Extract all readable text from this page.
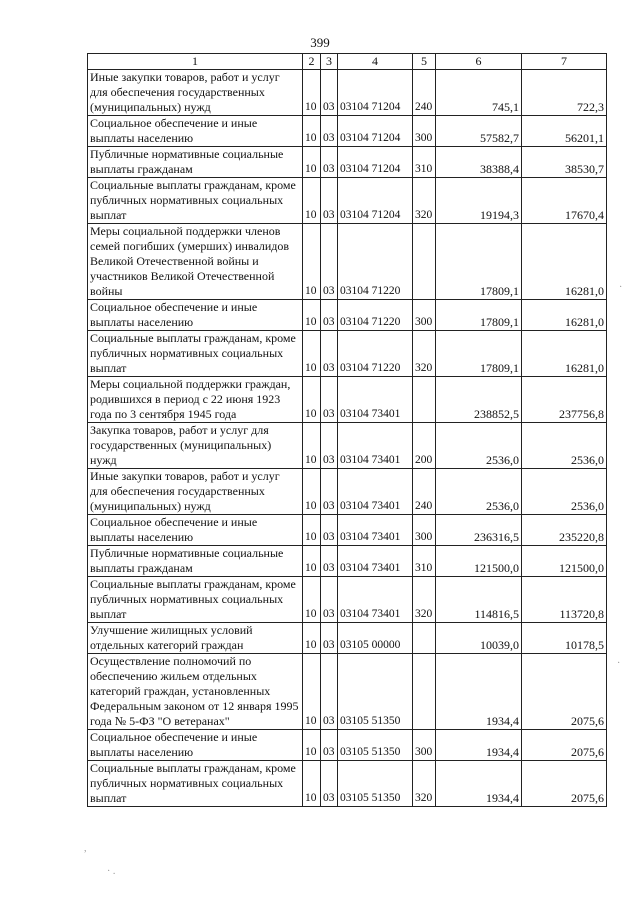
399
1	2	3	4	5	6	7
Иные закупки товаров, работ и услуг для обеспечения государственных (муниципальных) нужд	10	03	03104 71204	240	745,1	722,3
Социальное обеспечение и иные выплаты населению	10	03	03104 71204	300	57582,7	56201,1
Публичные нормативные социальные выплаты гражданам	10	03	03104 71204	310	38388,4	38530,7
Социальные выплаты гражданам, кроме публичных нормативных социальных выплат	10	03	03104 71204	320	19194,3	17670,4
Меры социальной поддержки членов семей погибших (умерших) инвалидов Великой Отечественной войны и участников Великой Отечественной войны	10	03	03104 71220		17809,1	16281,0
Социальное обеспечение и иные выплаты населению	10	03	03104 71220	300	17809,1	16281,0
Социальные выплаты гражданам, кроме публичных нормативных социальных выплат	10	03	03104 71220	320	17809,1	16281,0
Меры социальной поддержки граждан, родившихся в период с 22 июня 1923 года по 3 сентября 1945 года	10	03	03104 73401		238852,5	237756,8
Закупка товаров, работ и услуг для государственных (муниципальных) нужд	10	03	03104 73401	200	2536,0	2536,0
Иные закупки товаров, работ и услуг для обеспечения государственных (муниципальных) нужд	10	03	03104 73401	240	2536,0	2536,0
Социальное обеспечение и иные выплаты населению	10	03	03104 73401	300	236316,5	235220,8
Публичные нормативные социальные выплаты гражданам	10	03	03104 73401	310	121500,0	121500,0
Социальные выплаты гражданам, кроме публичных нормативных социальных выплат	10	03	03104 73401	320	114816,5	113720,8
Улучшение жилищных условий отдельных категорий граждан	10	03	03105 00000		10039,0	10178,5
Осуществление полномочий по обеспечению жильем отдельных категорий граждан, установленных Федеральным законом от 12 января 1995 года № 5-ФЗ "О ветеранах"	10	03	03105 51350		1934,4	2075,6
Социальное обеспечение и иные выплаты населению	10	03	03105 51350	300	1934,4	2075,6
Социальные выплаты гражданам, кроме публичных нормативных социальных выплат	10	03	03105 51350	320	1934,4	2075,6
,
· .
·
·
